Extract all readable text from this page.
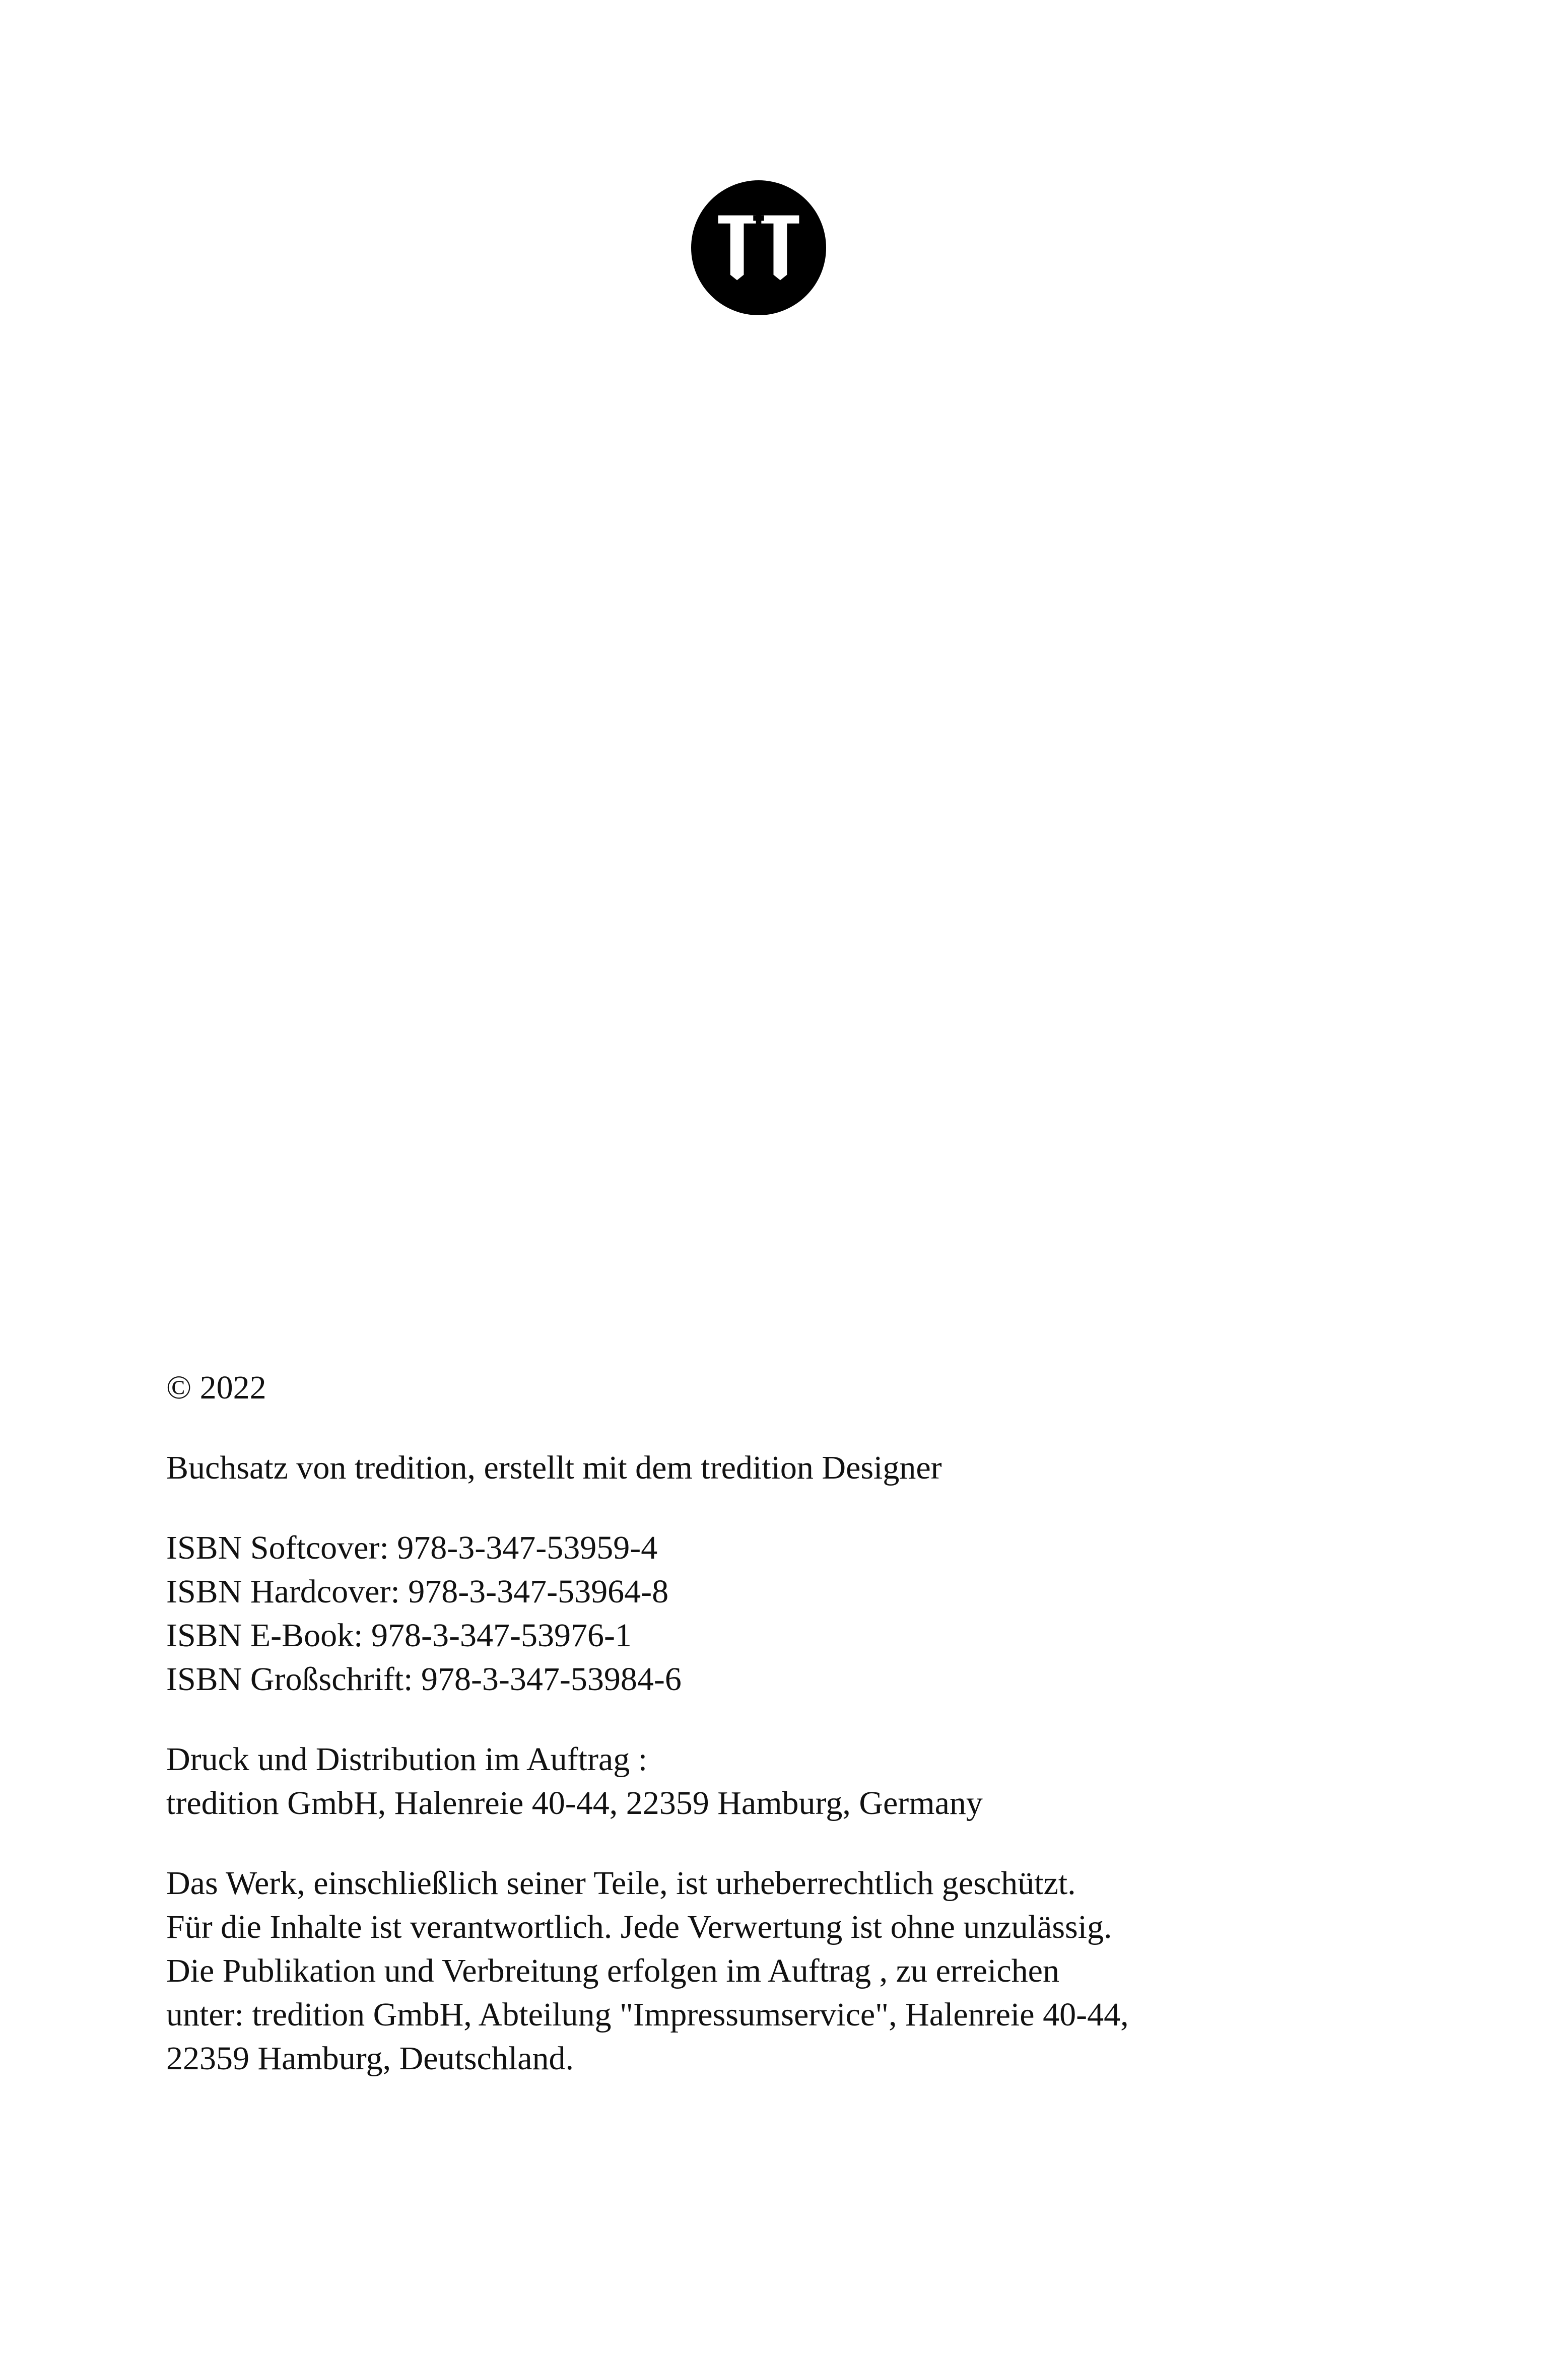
© 2022
Buchsatz von tredition, erstellt mit dem tredition Designer
ISBN Softcover: 978-3-347-53959-4
ISBN Hardcover: 978-3-347-53964-8
ISBN E-Book: 978-3-347-53976-1
ISBN Großschrift: 978-3-347-53984-6
Druck und Distribution im Auftrag :
tredition GmbH, Halenreie 40-44, 22359 Hamburg, Germany
Das Werk, einschließlich seiner Teile, ist urheberrechtlich geschützt.
Für die Inhalte ist verantwortlich. Jede Verwertung ist ohne unzulässig.
Die Publikation und Verbreitung erfolgen im Auftrag , zu erreichen
unter: tredition GmbH, Abteilung "Impressumservice", Halenreie 40-44,
22359 Hamburg, Deutschland.
